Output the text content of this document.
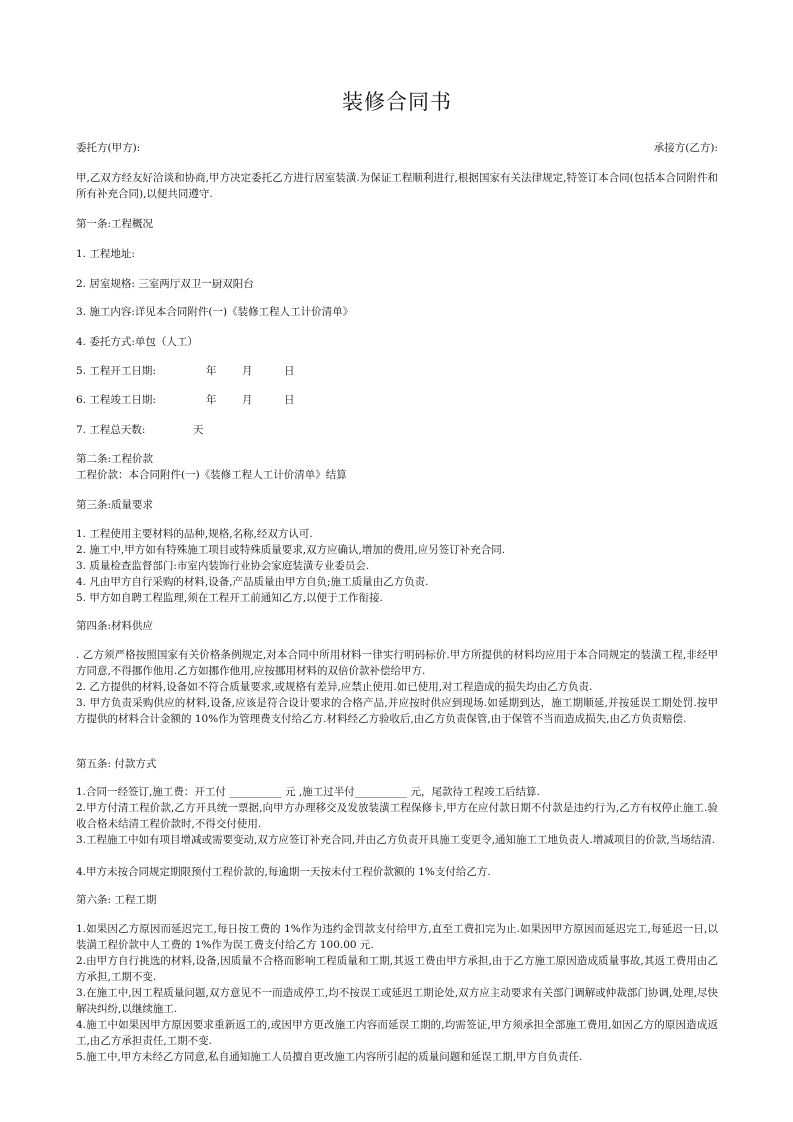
装修合同书
委托方(甲方):	承接方(乙方):
甲,乙双方经友好洽谈和协商,甲方决定委托乙方进行居室装潢.为保证工程顺利进行,根据国家有关法律规定,特签订本合同(包括本合同附件和所有补充合同),以便共同遵守.
第一条:工程概况
1. 工程地址:
2. 居室规格: 三室两厅双卫一厨双阳台
3. 施工内容:详见本合同附件(一)《装修工程人工计价清单》
4. 委托方式:单包（人工）
5. 工程开工日期:	年 月	日
6. 工程竣工日期:	年 月	日
7. 工程总天数:	天
第二条:工程价款
工程价款：本合同附件(一)《装修工程人工计价清单》结算
第三条:质量要求
1. 工程使用主要材料的品种,规格,名称,经双方认可.
2. 施工中,甲方如有特殊施工项目或特殊质量要求,双方应确认,增加的费用,应另签订补充合同.
3. 质量检查监督部门:市室内装饰行业协会家庭装潢专业委员会.
4. 凡由甲方自行采购的材料,设备,产品质量由甲方自负;施工质量由乙方负责.
5. 甲方如自聘工程监理,须在工程开工前通知乙方,以便于工作衔接.
第四条:材料供应
. 乙方须严格按照国家有关价格条例规定,对本合同中所用材料一律实行明码标价.甲方所提供的材料均应用于本合同规定的装潢工程,非经甲方同意,不得挪作他用.乙方如挪作他用,应按挪用材料的双倍价款补偿给甲方.
2. 乙方提供的材料,设备如不符合质量要求,或规格有差异,应禁止使用.如已使用,对工程造成的损失均由乙方负责.
3. 甲方负责采购供应的材料,设备,应该是符合设计要求的合格产品,并应按时供应到现场.如延期到达，施工期顺延,并按延误工期处罚.按甲方提供的材料合计金额的 10%作为管理费支付给乙方.材料经乙方验收后,由乙方负责保管,由于保管不当而造成损失,由乙方负责赔偿.
第五条: 付款方式
1.合同一经签订,施工费：开工付 __________ 元 ,施工过半付__________ 元，尾款待工程竣工后结算.
2.甲方付清工程价款,乙方开具统一票据,向甲方办理移交及发放装潢工程保修卡,甲方在应付款日期不付款是违约行为,乙方有权停止施工.验收合格未结清工程价款时,不得交付使用.
3.工程施工中如有项目增减或需要变动,双方应签订补充合同,并由乙方负责开具施工变更令,通知施工工地负责人.增减项目的价款,当场结清.
4.甲方未按合同规定期限预付工程价款的,每逾期一天按未付工程价款额的 1%支付给乙方.
第六条: 工程工期
1.如果因乙方原因而延迟完工,每日按工费的 1%作为违约金罚款支付给甲方,直至工费扣完为止.如果因甲方原因而延迟完工,每延迟一日,以装潢工程价款中人工费的 1%作为误工费支付给乙方 100.00 元.
2.由甲方自行挑选的材料,设备,因质量不合格而影响工程质量和工期,其返工费由甲方承担,由于乙方施工原因造成质量事故,其返工费用由乙方承担,工期不变.
3.在施工中,因工程质量问题,双方意见不一而造成停工,均不按误工或延迟工期论处,双方应主动要求有关部门调解或仲裁部门协调,处理,尽快解决纠纷,以继续施工.
4.施工中如果因甲方原因要求重新返工的,或因甲方更改施工内容而延误工期的,均需签证,甲方须承担全部施工费用,如因乙方的原因造成返工,由乙方承担责任,工期不变.
5.施工中,甲方未经乙方同意,私自通知施工人员擅自更改施工内容所引起的质量问题和延误工期,甲方自负责任.
